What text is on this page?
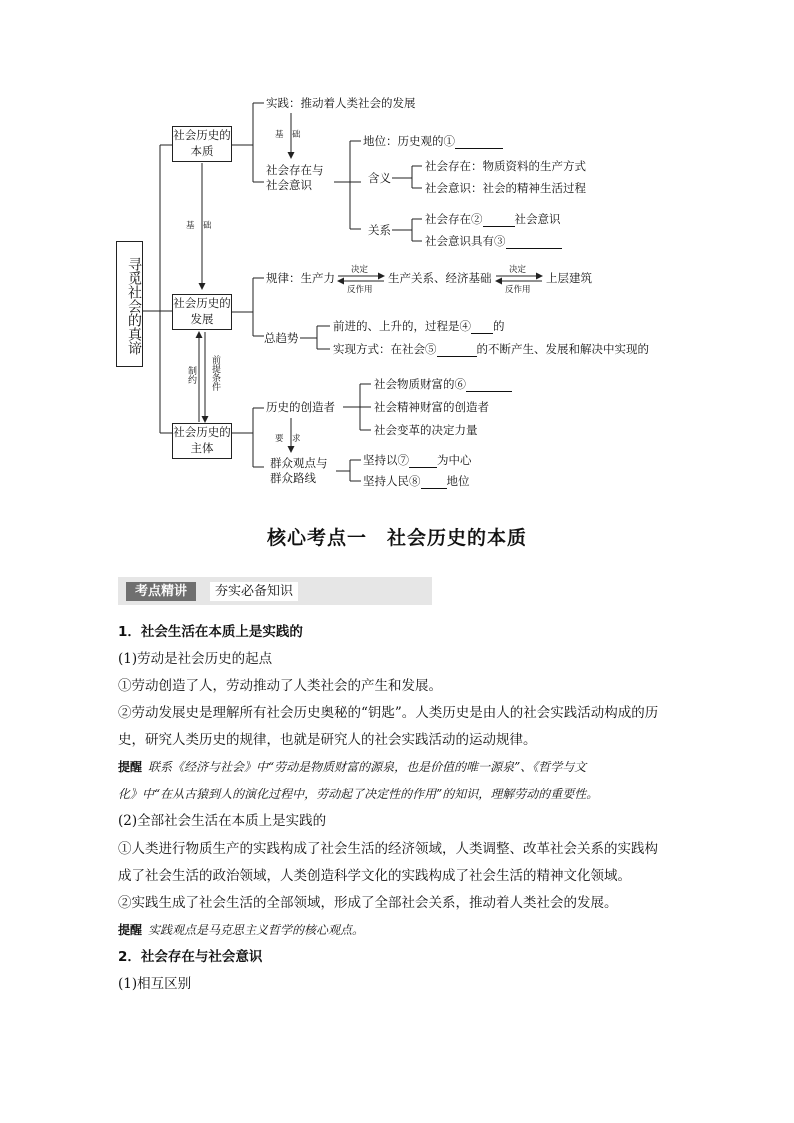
寻觅社会的真谛
社会历史的本质
社会历史的发展
社会历史的主体
实践：推动着人类社会的发展
基　础
社会存在与社会意识
地位：历史观的①
含义
社会存在：物质资料的生产方式
社会意识：社会的精神生活过程
关系
社会存在②	社会意识
社会意识具有③
基　础
规律：生产力
决定
反作用
生产关系、经济基础
决定
反作用
上层建筑
总趋势
前进的、上升的，过程是④ 的
实现方式：在社会⑤	的不断产生、发展和解决中实现的
制约 前提条件
历史的创造者
社会物质财富的⑥
社会精神财富的创造者
社会变革的决定力量
要　求
群众观点与群众路线
坚持以⑦ 为中心
坚持人民⑧ 地位
核心考点一　社会历史的本质
考点精讲	夯实必备知识
1．社会生活在本质上是实践的
(1)劳动是社会历史的起点
①劳动创造了人，劳动推动了人类社会的产生和发展。
②劳动发展史是理解所有社会历史奥秘的“钥匙”。人类历史是由人的社会实践活动构成的历
史，研究人类历史的规律，也就是研究人的社会实践活动的运动规律。
提醒 联系《经济与社会》中“劳动是物质财富的源泉，也是价值的唯一源泉”、《哲学与文
化》中“在从古猿到人的演化过程中，劳动起了决定性的作用”的知识，理解劳动的重要性。
(2)全部社会生活在本质上是实践的
①人类进行物质生产的实践构成了社会生活的经济领域，人类调整、改革社会关系的实践构
成了社会生活的政治领域，人类创造科学文化的实践构成了社会生活的精神文化领域。
②实践生成了社会生活的全部领域，形成了全部社会关系，推动着人类社会的发展。
提醒 实践观点是马克思主义哲学的核心观点。
2．社会存在与社会意识
(1)相互区别
